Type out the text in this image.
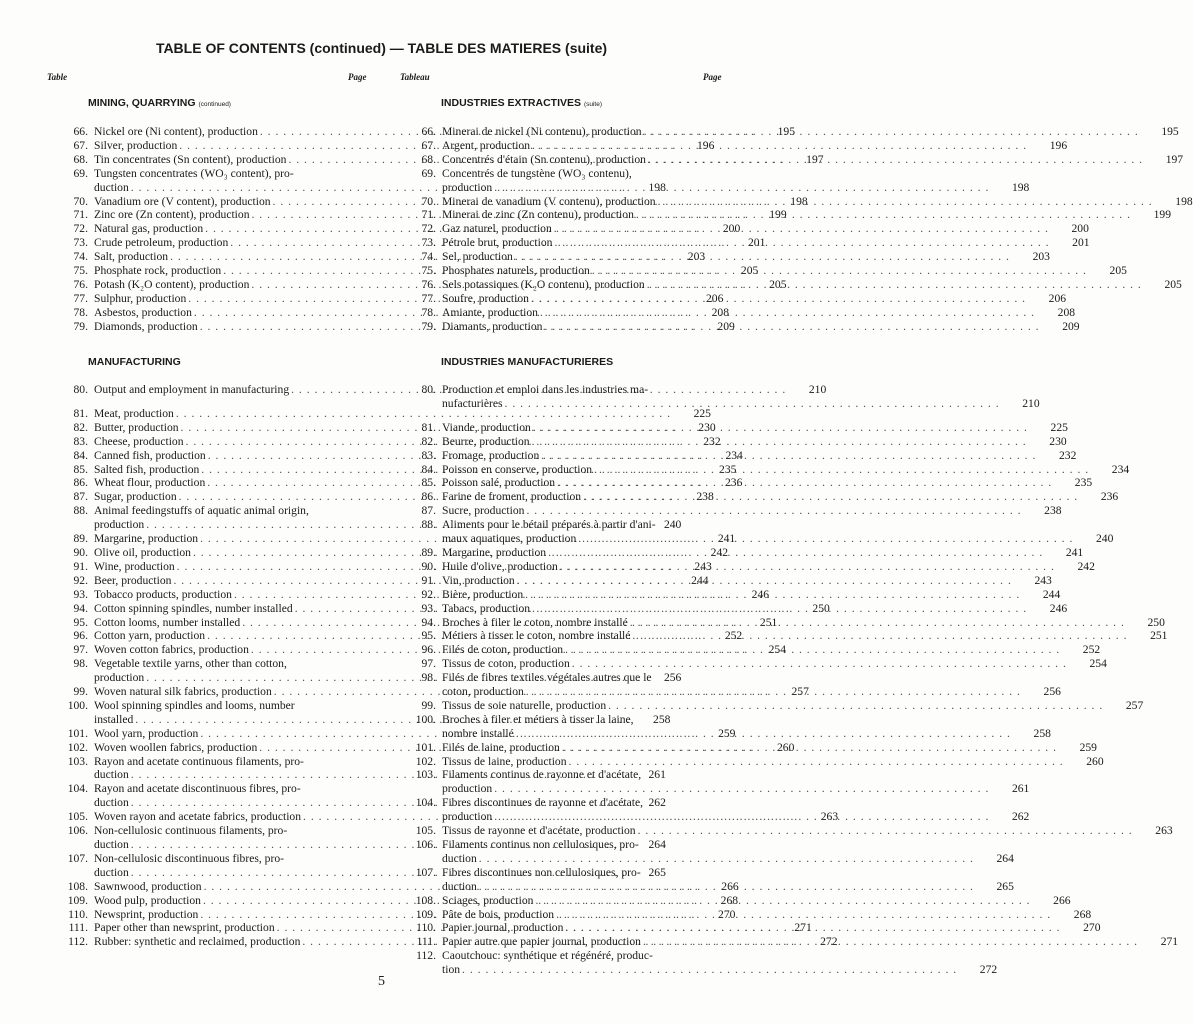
TABLE OF CONTENTS (continued) — TABLE DES MATIERES (suite)
Table	Page	Tableau	Page
MINING, QUARRYING (continued)	INDUSTRIES EXTRACTIVES (suite)
66. Nickel ore (Ni content), production . . .	195
67. Silver, production . . .	196
68. Tin concentrates (Sn content), production . . .	197
69. Tungsten concentrates (WO₃ content), pro-
duction . . .	198
70. Vanadium ore (V content), production . . .	198
71. Zinc ore (Zn content), production . . .	199
72. Natural gas, production . . .	200
73. Crude petroleum, production . . .	201
74. Salt, production . . .	203
75. Phosphate rock, production . . .	205
76. Potash (K₂O content), production . . .	205
77. Sulphur, production . . .	206
78. Asbestos, production . . .	208
79. Diamonds, production . . .	209
66. Minerai de nickel (Ni contenu), production . . .	195
67. Argent, production . . .	196
68. Concentrés d'étain (Sn contenu), production . . .	197
69. Concentrés de tungstène (WO₃ contenu),
production . . .	198
70. Minerai de vanadium (V contenu), production . . .	198
71. Minerai de zinc (Zn contenu), production . . .	199
72. Gaz naturel, production . . .	200
73. Pétrole brut, production . . .	201
74. Sel, production . . .	203
75. Phosphates naturels, production . . .	205
76. Sels potassiques (K₂O contenu), production . . .	205
77. Soufre, production . . .	206
78. Amiante, production . . .	208
79. Diamants, production . . .	209
MANUFACTURING	INDUSTRIES MANUFACTURIERES
80. Output and employment in manufacturing . . .	210
81. Meat, production . . .	225
82. Butter, production . . .	230
83. Cheese, production . . .	232
84. Canned fish, production . . .	234
85. Salted fish, production . . .	235
86. Wheat flour, production . . .	236
87. Sugar, production . . .	238
88. Animal feedingstuffs of aquatic animal origin,
production . . .	240
89. Margarine, production . . .	241
90. Olive oil, production . . .	242
91. Wine, production . . .	243
92. Beer, production . . .	244
93. Tobacco products, production . . .	246
94. Cotton spinning spindles, number installed . . .	250
95. Cotton looms, number installed . . .	251
96. Cotton yarn, production . . .	252
97. Woven cotton fabrics, production . . .	254
98. Vegetable textile yarns, other than cotton,
production . . .	256
99. Woven natural silk fabrics, production . . .	257
100. Wool spinning spindles and looms, number
installed . . .	258
101. Wool yarn, production . . .	259
102. Woven woollen fabrics, production . . .	260
103. Rayon and acetate continuous filaments, pro-
duction . . .	261
104. Rayon and acetate discontinuous fibres, pro-
duction . . .	262
105. Woven rayon and acetate fabrics, production . . .	263
106. Non-cellulosic continuous filaments, pro-
duction . . .	264
107. Non-cellulosic discontinuous fibres, pro-
duction . . .	265
108. Sawnwood, production . . .	266
109. Wood pulp, production . . .	268
110. Newsprint, production . . .	270
111. Paper other than newsprint, production . . .	271
112. Rubber: synthetic and reclaimed, production . . .	272
80. Production et emploi dans les industries ma-
nufacturières . . .	210
81. Viande, production . . .	225
82. Beurre, production . . .	230
83. Fromage, production . . .	232
84. Poisson en conserve, production . . .	234
85. Poisson salé, production . . .	235
86. Farine de froment, production . . .	236
87. Sucre, production . . .	238
88. Aliments pour le bétail préparés à partir d'ani-
maux aquatiques, production . . .	240
89. Margarine, production . . .	241
90. Huile d'olive, production . . .	242
91. Vin, production . . .	243
92. Bière, production . . .	244
93. Tabacs, production . . .	246
94. Broches à filer le coton, nombre installé . . .	250
95. Métiers à tisser le coton, nombre installé . . .	251
96. Filés de coton, production . . .	252
97. Tissus de coton, production . . .	254
98. Filés de fibres textiles végétales autres que le
coton, production . . .	256
99. Tissus de soie naturelle, production . . .	257
100. Broches à filer et métiers à tisser la laine,
nombre installé . . .	258
101. Filés de laine, production . . .	259
102. Tissus de laine, production . . .	260
103. Filaments continus de rayonne et d'acétate,
production . . .	261
104. Fibres discontinues de rayonne et d'acétate,
production . . .	262
105. Tissus de rayonne et d'acétate, production . . .	263
106. Filaments continus non cellulosiques, pro-
duction . . .	264
107. Fibres discontinues non cellulosiques, pro-
duction . . .	265
108. Sciages, production . . .	266
109. Pâte de bois, production . . .	268
110. Papier journal, production . . .	270
111. Papier autre que papier journal, production . . .	271
112. Caoutchouc: synthétique et régénéré, produc-
tion . . .	272
5
